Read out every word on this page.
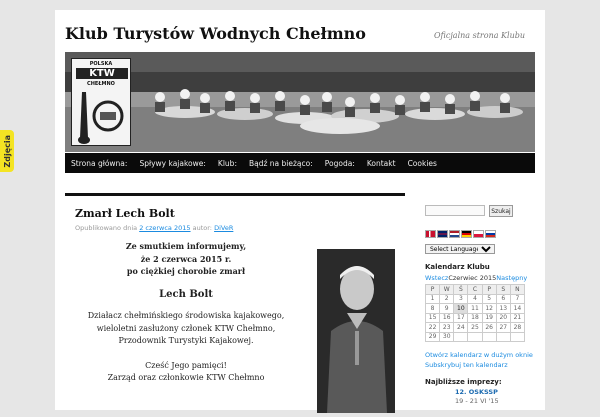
Zdjęcia
Klub Turystów Wodnych Chełmno	Oficjalna strona Klubu
POLSKA
KTW
CHEŁMNO
Strona główna:	Spływy kajakowe:	Klub:	Bądź na bieżąco:	Pogoda:	Kontakt	Cookies
Zmarł Lech Bolt
Opublikowano dnia 2 czerwca 2015 autor: DiVeR
Ze smutkiem informujemy,
że 2 czerwca 2015 r.
po ciężkiej chorobie zmarł
Lech Bolt
Działacz chełmińskiego środowiska kajakowego,
wieloletni zasłużony członek KTW Chełmno,
Przodownik Turystyki Kajakowej.
Cześć Jego pamięci!
Zarząd oraz członkowie KTW Chełmno
Szukaj
Select Language
Kalendarz Klubu
Wstecz Czerwiec 2015 Następny
P	W	Ś	C	P	S	N
1	2	3	4	5	6	7
8	9	10	11	12	13	14
15	16	17	18	19	20	21
22	23	24	25	26	27	28
29	30					
Otwórz kalendarz w dużym oknie
Subskrybuj ten kalendarz
Najbliższe imprezy:
12. OSKSSP
19 - 21 VI '15
